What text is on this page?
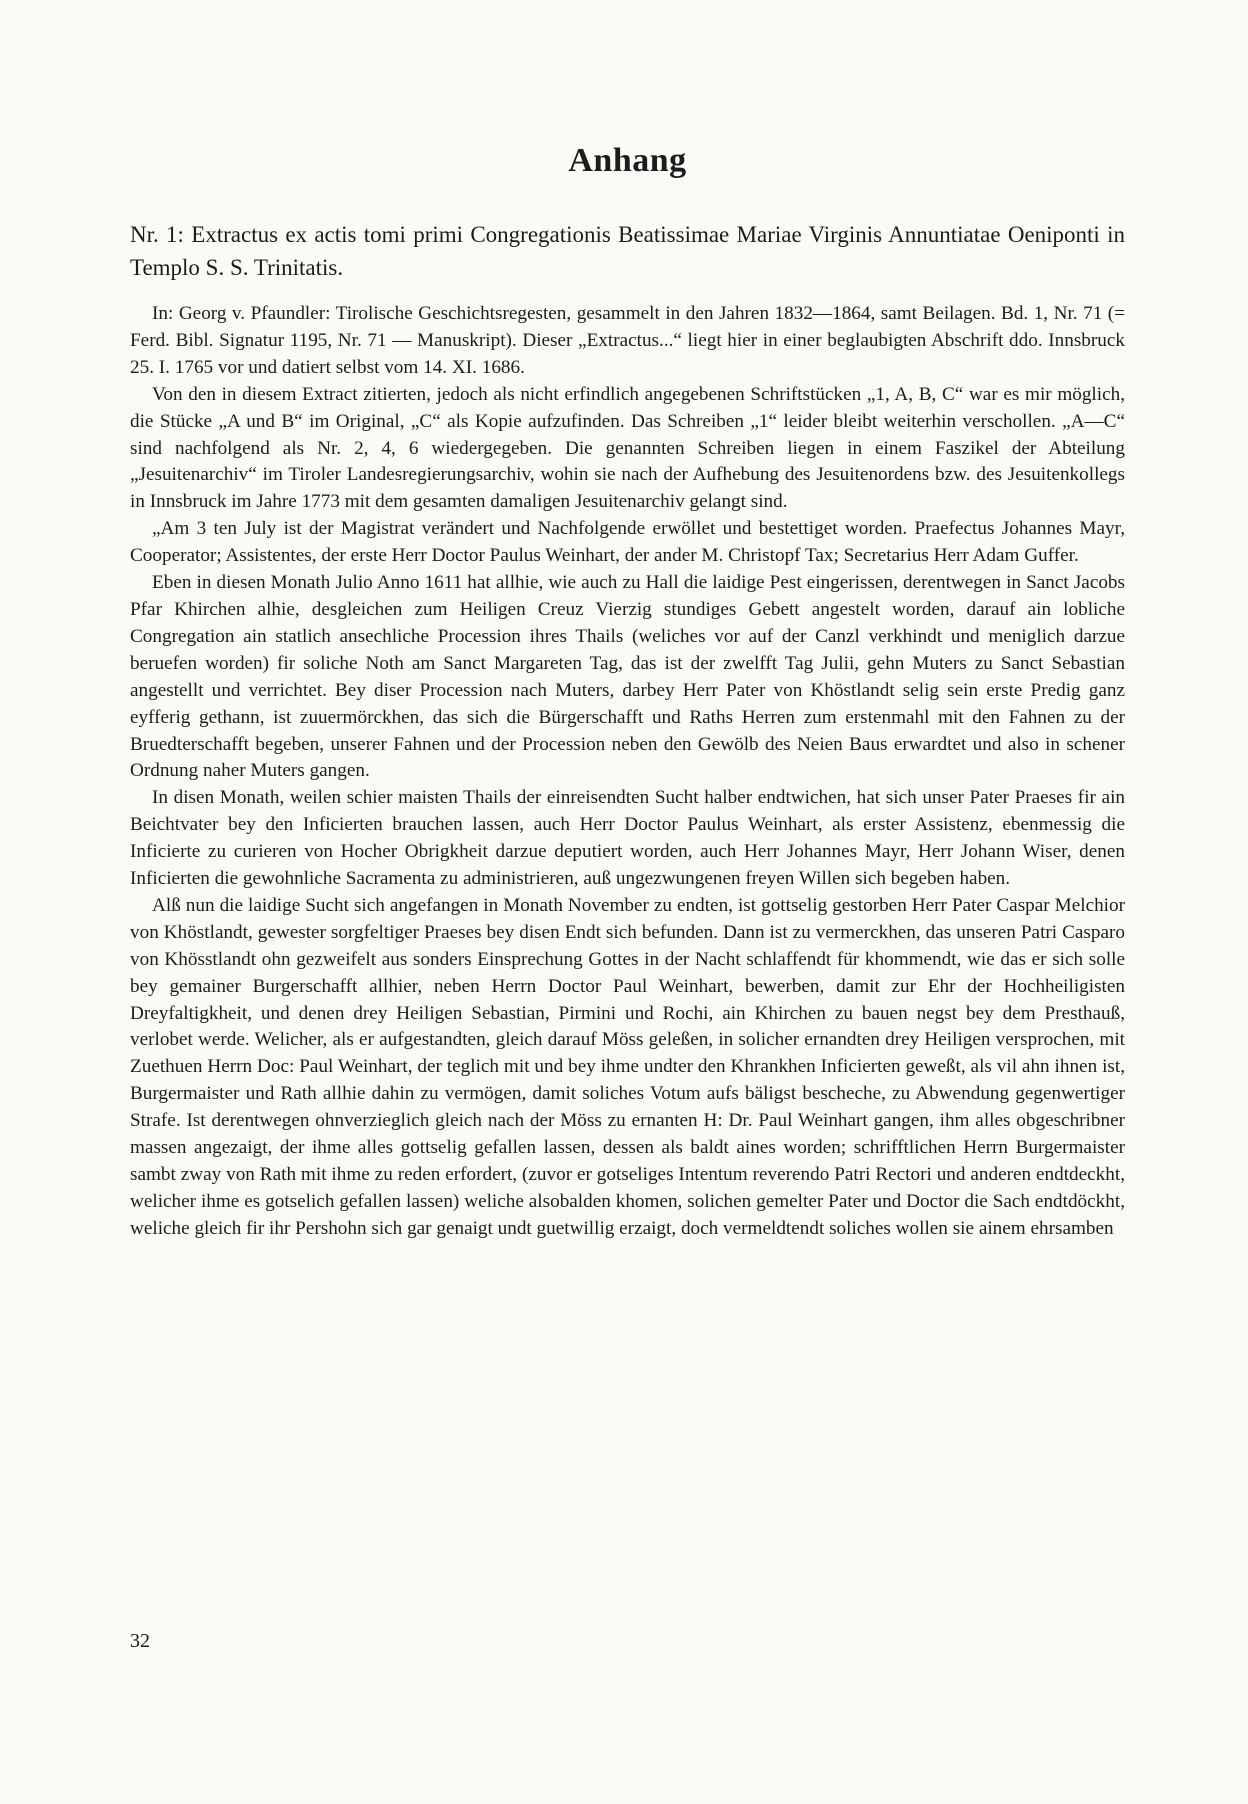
Anhang

Nr. 1: Extractus ex actis tomi primi Congregationis Beatissimae Mariae Virginis Annuntiatae Oeniponti in Templo S. S. Trinitatis.

In: Georg v. Pfaundler: Tirolische Geschichtsregesten, gesammelt in den Jahren 1832—1864, samt Beilagen. Bd. 1, Nr. 71 (= Ferd. Bibl. Signatur 1195, Nr. 71 — Manuskript). Dieser „Extractus...“ liegt hier in einer beglaubigten Abschrift ddo. Innsbruck 25. I. 1765 vor und datiert selbst vom 14. XI. 1686.

Von den in diesem Extract zitierten, jedoch als nicht erfindlich angegebenen Schriftstücken „1, A, B, C“ war es mir möglich, die Stücke „A und B“ im Original, „C“ als Kopie aufzufinden. Das Schreiben „1“ leider bleibt weiterhin verschollen. „A—C“ sind nachfolgend als Nr. 2, 4, 6 wiedergegeben. Die genannten Schreiben liegen in einem Faszikel der Abteilung „Jesuitenarchiv“ im Tiroler Landesregierungsarchiv, wohin sie nach der Aufhebung des Jesuitenordens bzw. des Jesuitenkollegs in Innsbruck im Jahre 1773 mit dem gesamten damaligen Jesuitenarchiv gelangt sind.

„Am 3 ten July ist der Magistrat verändert und Nachfolgende erwöllet und bestettiget worden. Praefectus Johannes Mayr, Cooperator; Assistentes, der erste Herr Doctor Paulus Weinhart, der ander M. Christopf Tax; Secretarius Herr Adam Guffer.

Eben in diesen Monath Julio Anno 1611 hat allhie, wie auch zu Hall die laidige Pest eingerissen, derentwegen in Sanct Jacobs Pfar Khirchen alhie, desgleichen zum Heiligen Creuz Vierzig stundiges Gebett angestelt worden, darauf ain lobliche Congregation ain statlich ansechliche Procession ihres Thails (weliches vor auf der Canzl verkhindt und meniglich darzue beruefen worden) fir soliche Noth am Sanct Margareten Tag, das ist der zwelfft Tag Julii, gehn Muters zu Sanct Sebastian angestellt und verrichtet. Bey diser Procession nach Muters, darbey Herr Pater von Khöstlandt selig sein erste Predig ganz eyfferig gethann, ist zuuermörckhen, das sich die Bürgerschafft und Raths Herren zum erstenmahl mit den Fahnen zu der Bruedterschafft begeben, unserer Fahnen und der Procession neben den Gewölb des Neien Baus erwardtet und also in schener Ordnung naher Muters gangen.

In disen Monath, weilen schier maisten Thails der einreisendten Sucht halber endtwichen, hat sich unser Pater Praeses fir ain Beichtvater bey den Inficierten brauchen lassen, auch Herr Doctor Paulus Weinhart, als erster Assistenz, ebenmessig die Inficierte zu curieren von Hocher Obrigkheit darzue deputiert worden, auch Herr Johannes Mayr, Herr Johann Wiser, denen Inficierten die gewohnliche Sacramenta zu administrieren, auß ungezwungenen freyen Willen sich begeben haben.

Alß nun die laidige Sucht sich angefangen in Monath November zu endten, ist gottselig gestorben Herr Pater Caspar Melchior von Khöstlandt, gewester sorgfeltiger Praeses bey disen Endt sich befunden. Dann ist zu vermerckhen, das unseren Patri Casparo von Khösstlandt ohn gezweifelt aus sonders Einsprechung Gottes in der Nacht schlaffendt für khommendt, wie das er sich solle bey gemainer Burgerschafft allhier, neben Herrn Doctor Paul Weinhart, bewerben, damit zur Ehr der Hochheiligisten Dreyfaltigkheit, und denen drey Heiligen Sebastian, Pirmini und Rochi, ain Khirchen zu bauen negst bey dem Presthauß, verlobet werde. Welicher, als er aufgestandten, gleich darauf Möss geleßen, in solicher ernandten drey Heiligen versprochen, mit Zuethuen Herrn Doc: Paul Weinhart, der teglich mit und bey ihme undter den Khrankhen Inficierten geweßt, als vil ahn ihnen ist, Burgermaister und Rath allhie dahin zu vermögen, damit soliches Votum aufs bäligst bescheche, zu Abwendung gegenwertiger Strafe. Ist derentwegen ohnverzieglich gleich nach der Möss zu ernanten H: Dr. Paul Weinhart gangen, ihm alles obgeschribner massen angezaigt, der ihme alles gottselig gefallen lassen, dessen als baldt aines worden; schrifftlichen Herrn Burgermaister sambt zway von Rath mit ihme zu reden erfordert, (zuvor er gotseliges Intentum reverendo Patri Rectori und anderen endtdeckht, welicher ihme es gotselich gefallen lassen) weliche alsobalden khomen, solichen gemelter Pater und Doctor die Sach endtdöckht, weliche gleich fir ihr Pershohn sich gar genaigt undt guetwillig erzaigt, doch vermeldtendt soliches wollen sie ainem ehrsamben

32
